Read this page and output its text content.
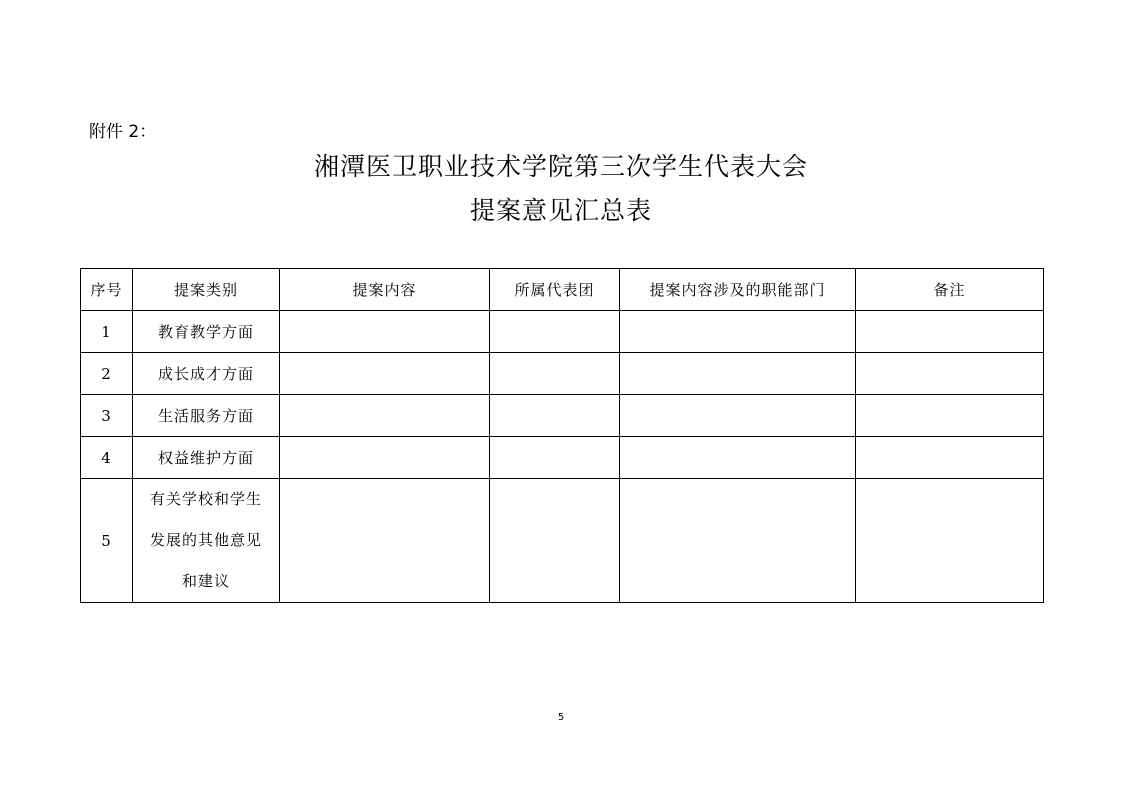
附件 2：
湘潭医卫职业技术学院第三次学生代表大会
提案意见汇总表
序号	提案类别	提案内容	所属代表团	提案内容涉及的职能部门	备注
1	教育教学方面				
2	成长成才方面				
3	生活服务方面				
4	权益维护方面				
5	有关学校和学生
发展的其他意见
和建议				

5
